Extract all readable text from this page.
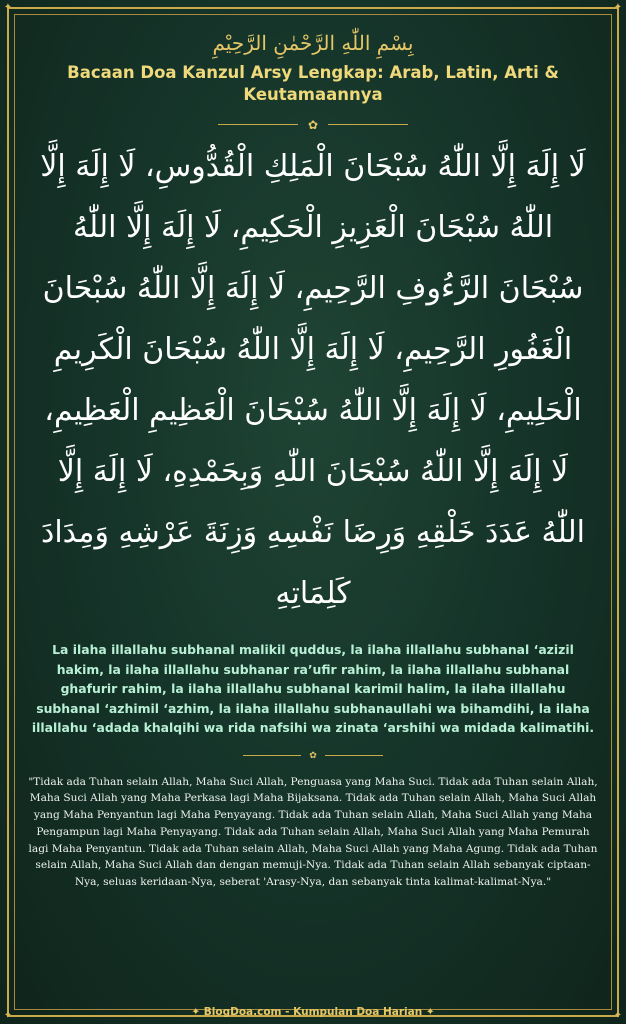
✦	✦
✦	✦
بِسْمِ اللّٰهِ الرَّحْمٰنِ الرَّحِيْمِ
Bacaan Doa Kanzul Arsy Lengkap: Arab, Latin, Arti & Keutamaannya
✿
لَا إِلَهَ إِلَّا اللّٰهُ سُبْحَانَ الْمَلِكِ الْقُدُّوسِ، لَا إِلَهَ إِلَّا اللّٰهُ سُبْحَانَ الْعَزِيزِ الْحَكِيمِ، لَا إِلَهَ إِلَّا اللّٰهُ سُبْحَانَ الرَّءُوفِ الرَّحِيمِ، لَا إِلَهَ إِلَّا اللّٰهُ سُبْحَانَ الْغَفُورِ الرَّحِيمِ، لَا إِلَهَ إِلَّا اللّٰهُ سُبْحَانَ الْكَرِيمِ الْحَلِيمِ، لَا إِلَهَ إِلَّا اللّٰهُ سُبْحَانَ الْعَظِيمِ الْعَظِيمِ، لَا إِلَهَ إِلَّا اللّٰهُ سُبْحَانَ اللّٰهِ وَبِحَمْدِهِ، لَا إِلَهَ إِلَّا اللّٰهُ عَدَدَ خَلْقِهِ وَرِضَا نَفْسِهِ وَزِنَةَ عَرْشِهِ وَمِدَادَ كَلِمَاتِهِ
La ilaha illallahu subhanal malikil quddus, la ilaha illallahu subhanal ‘azizil hakim, la ilaha illallahu subhanar ra’ufir rahim, la ilaha illallahu subhanal ghafurir rahim, la ilaha illallahu subhanal karimil halim, la ilaha illallahu subhanal ‘azhimil ‘azhim, la ilaha illallahu subhanaullahi wa bihamdihi, la ilaha illallahu ‘adada khalqihi wa rida nafsihi wa zinata ‘arshihi wa midada kalimatihi.
✿
"Tidak ada Tuhan selain Allah, Maha Suci Allah, Penguasa yang Maha Suci. Tidak ada Tuhan selain Allah, Maha Suci Allah yang Maha Perkasa lagi Maha Bijaksana. Tidak ada Tuhan selain Allah, Maha Suci Allah yang Maha Penyantun lagi Maha Penyayang. Tidak ada Tuhan selain Allah, Maha Suci Allah yang Maha Pengampun lagi Maha Penyayang. Tidak ada Tuhan selain Allah, Maha Suci Allah yang Maha Pemurah lagi Maha Penyantun. Tidak ada Tuhan selain Allah, Maha Suci Allah yang Maha Agung. Tidak ada Tuhan selain Allah, Maha Suci Allah dan dengan memuji-Nya. Tidak ada Tuhan selain Allah sebanyak ciptaan-Nya, seluas keridaan-Nya, seberat 'Arasy-Nya, dan sebanyak tinta kalimat-kalimat-Nya."
✦ BlogDoa.com - Kumpulan Doa Harian ✦
